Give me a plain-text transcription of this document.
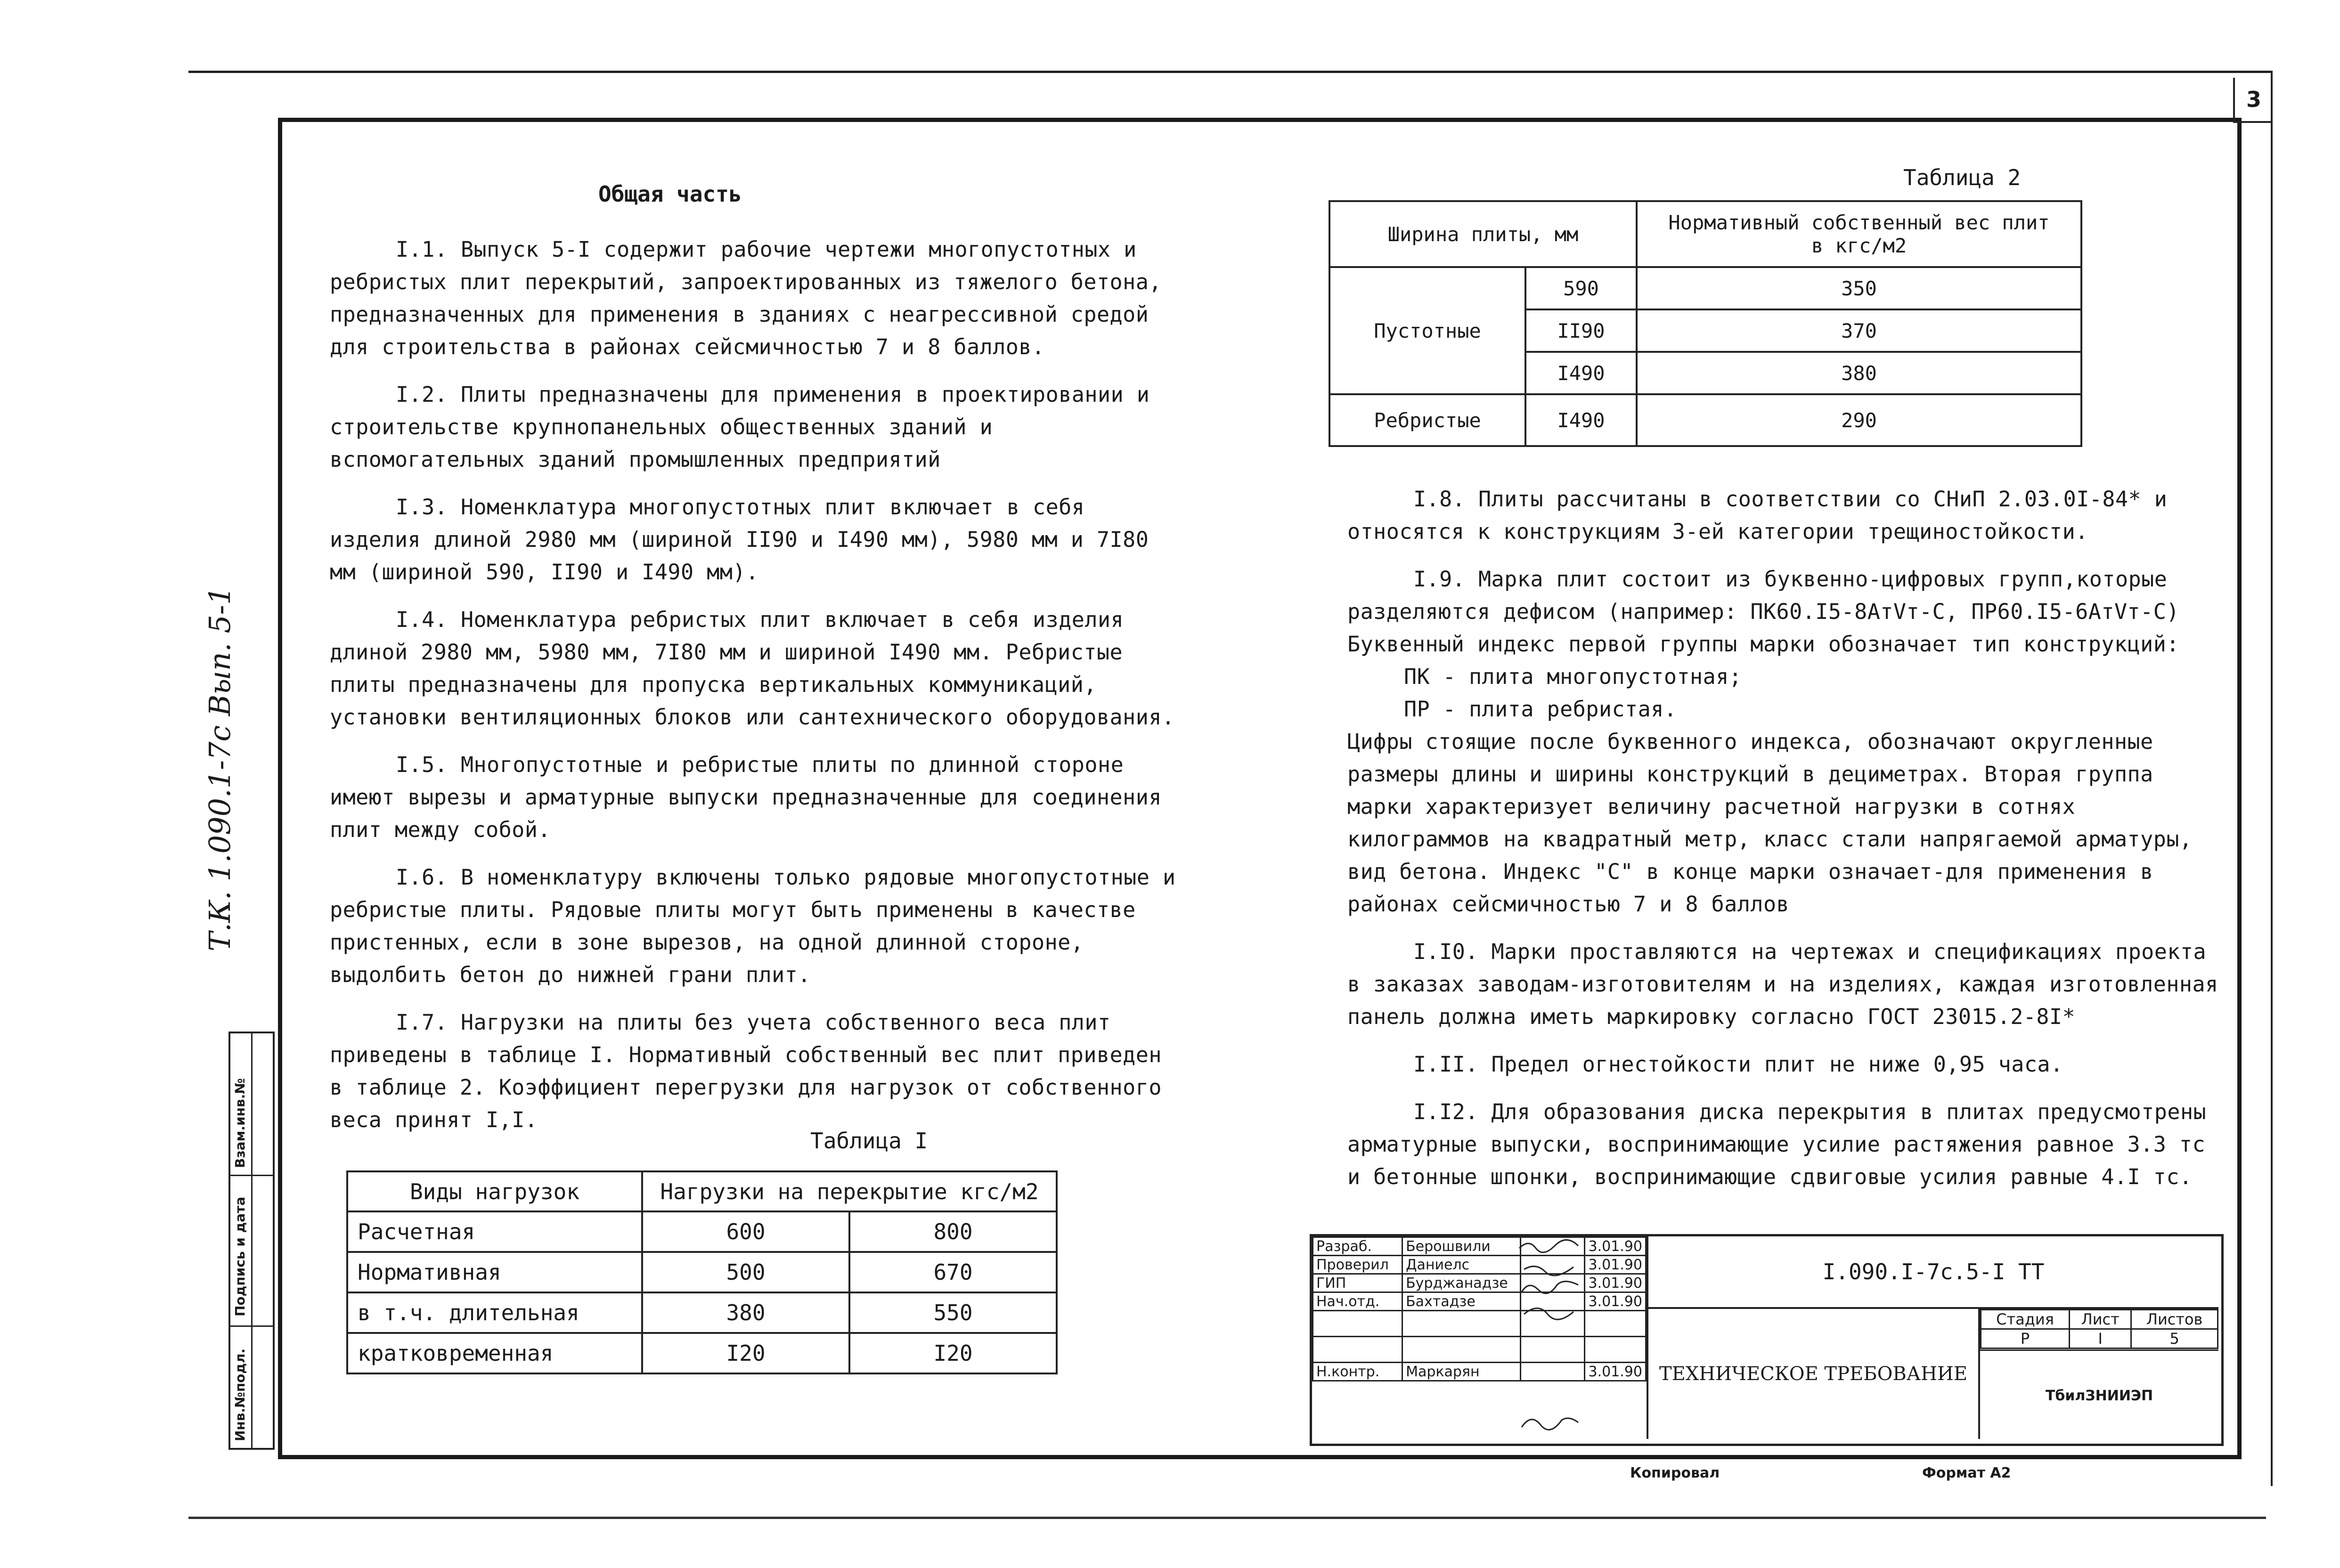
3
Т.К. 1.090.1-7с Вып. 5-1
Инв.№подл.
Подпись и дата
Взам.инв.№
Общая часть

I.1. Выпуск 5-I содержит рабочие чертежи многопустотных и ребристых плит перекрытий, запроектированных из тяжелого бетона, предназначенных для применения в зданиях с неагрессивной средой для строительства в районах сейсмичностью 7 и 8 баллов.

I.2. Плиты предназначены для применения в проектировании и строительстве крупнопанельных общественных зданий и вспомогательных зданий промышленных предприятий

I.3. Номенклатура многопустотных плит включает в себя изделия длиной 2980 мм (шириной II90 и I490 мм), 5980 мм и 7I80 мм (шириной 590, II90 и I490 мм).

I.4. Номенклатура ребристых плит включает в себя изделия длиной 2980 мм, 5980 мм, 7I80 мм и шириной I490 мм. Ребристые плиты предназначены для пропуска вертикальных коммуникаций, установки вентиляционных блоков или сантехнического оборудования.

I.5. Многопустотные и ребристые плиты по длинной стороне имеют вырезы и арматурные выпуски предназначенные для соединения плит между собой.

I.6. В номенклатуру включены только рядовые многопустотные и ребристые плиты. Рядовые плиты могут быть применены в качестве пристенных, если в зоне вырезов, на одной длинной стороне, выдолбить бетон до нижней грани плит.

I.7. Нагрузки на плиты без учета собственного веса плит приведены в таблице I. Нормативный собственный вес плит приведен в таблице 2. Коэффициент перегрузки для нагрузок от собственного веса принят I,I.

Таблица I
Виды нагрузок	Нагрузки на перекрытие кгс/м2	
Расчетная	600	800
Нормативная	500	670
в т.ч. длительная	380	550
кратковременная	I20	I20
Таблица 2
Ширина плиты, мм		Нормативный собственный вес плит в кгс/м2
Пустотные	590	350
	II90	370
	I490	380
Ребристые	I490	290

I.8. Плиты рассчитаны в соответствии со СНиП 2.03.0I-84* и относятся к конструкциям 3-ей категории трещиностойкости.

I.9. Марка плит состоит из буквенно-цифровых групп,которые разделяются дефисом (например: ПК60.I5-8АтVт-С, ПР60.I5-6АтVт-С) Буквенный индекс первой группы марки обозначает тип конструкций:

ПК - плита многопустотная;

ПР - плита ребристая.

Цифры стоящие после буквенного индекса, обозначают округленные размеры длины и ширины конструкций в дециметрах. Вторая группа марки характеризует величину расчетной нагрузки в сотнях килограммов на квадратный метр, класс стали напрягаемой арматуры, вид бетона. Индекс "С" в конце марки означает-для применения в районах сейсмичностью 7 и 8 баллов

I.I0. Марки проставляются на чертежах и спецификациях проекта в заказах заводам-изготовителям и на изделиях, каждая изготовленная панель должна иметь маркировку согласно ГОСТ 23015.2-8I*

I.II. Предел огнестойкости плит не ниже 0,95 часа.

I.I2. Для образования диска перекрытия в плитах предусмотрены арматурные выпуски, воспринимающие усилие растяжения равное 3.3 тс и бетонные шпонки, воспринимающие сдвиговые усилия равные 4.I тс.

Разраб.	Берошвили		3.01.90
Проверил	Даниелс		3.01.90
ГИП	Бурджанадзе		3.01.90
Нач.отд.	Бахтадзе		3.01.90

Н.контр.	Маркарян		3.01.90
I.090.I-7с.5-I ТТ
ТЕХНИЧЕСКОЕ ТРЕБОВАНИЕ
Стадия	Лист	Листов
Р	I	5
ТбилЗНИИЭП
Копировал	Формат А2
